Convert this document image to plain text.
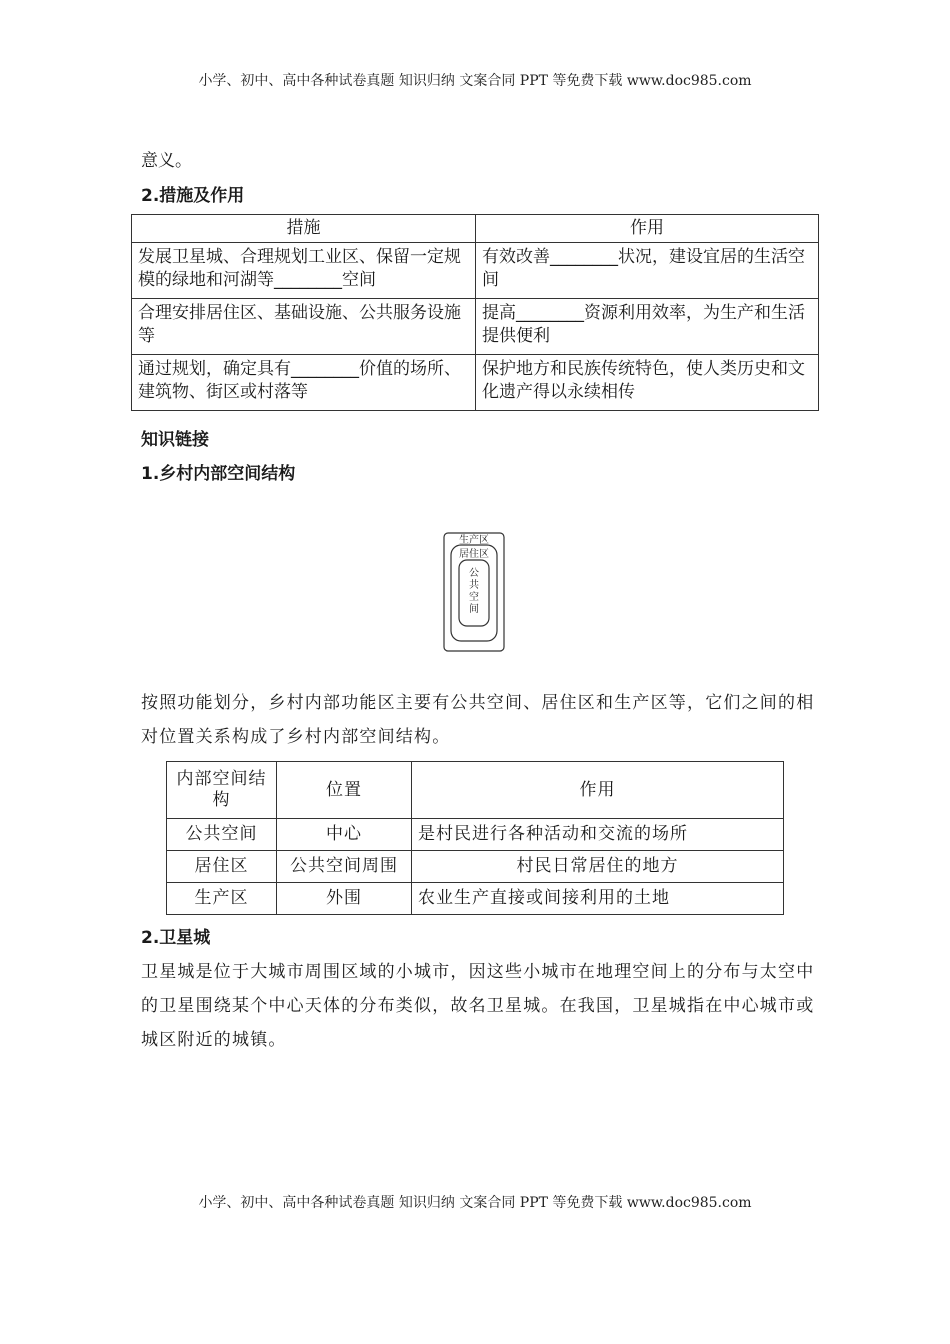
小学、初中、高中各种试卷真题 知识归纳 文案合同 PPT 等免费下载 www.doc985.com
意义。
2.措施及作用
措施	作用
发展卫星城、合理规划工业区、保留一定规模的绿地和河湖等________空间	有效改善________状况，建设宜居的生活空间
合理安排居住区、基础设施、公共服务设施等	提高________资源利用效率，为生产和生活提供便利
通过规划，确定具有________价值的场所、建筑物、街区或村落等	保护地方和民族传统特色，使人类历史和文化遗产得以永续相传
知识链接
1.乡村内部空间结构
生产区
居住区
公共空间
按照功能划分，乡村内部功能区主要有公共空间、居住区和生产区等，它们之间的相对位置关系构成了乡村内部空间结构。
内部空间结构	位置	作用
公共空间	中心	是村民进行各种活动和交流的场所
居住区	公共空间周围	村民日常居住的地方
生产区	外围	农业生产直接或间接利用的土地
2.卫星城
卫星城是位于大城市周围区域的小城市，因这些小城市在地理空间上的分布与太空中的卫星围绕某个中心天体的分布类似，故名卫星城。在我国，卫星城指在中心城市或城区附近的城镇。
小学、初中、高中各种试卷真题 知识归纳 文案合同 PPT 等免费下载 www.doc985.com
